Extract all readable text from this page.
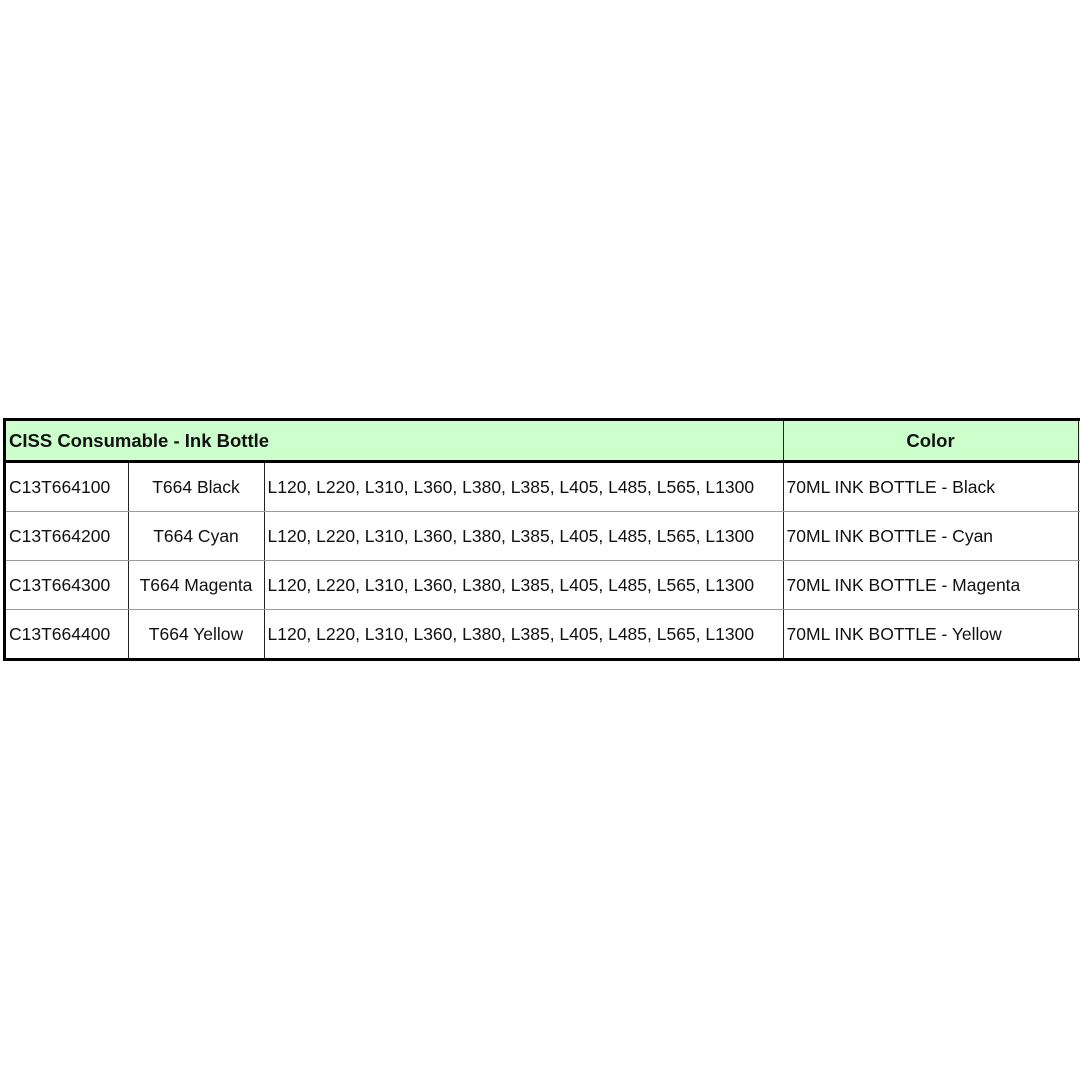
CISS Consumable - Ink Bottle			Color	
C13T664100	T664 Black	L120, L220, L310, L360, L380, L385, L405, L485, L565, L1300	70ML INK BOTTLE - Black	
C13T664200	T664 Cyan	L120, L220, L310, L360, L380, L385, L405, L485, L565, L1300	70ML INK BOTTLE - Cyan	
C13T664300	T664 Magenta	L120, L220, L310, L360, L380, L385, L405, L485, L565, L1300	70ML INK BOTTLE - Magenta	
C13T664400	T664 Yellow	L120, L220, L310, L360, L380, L385, L405, L485, L565, L1300	70ML INK BOTTLE - Yellow	
